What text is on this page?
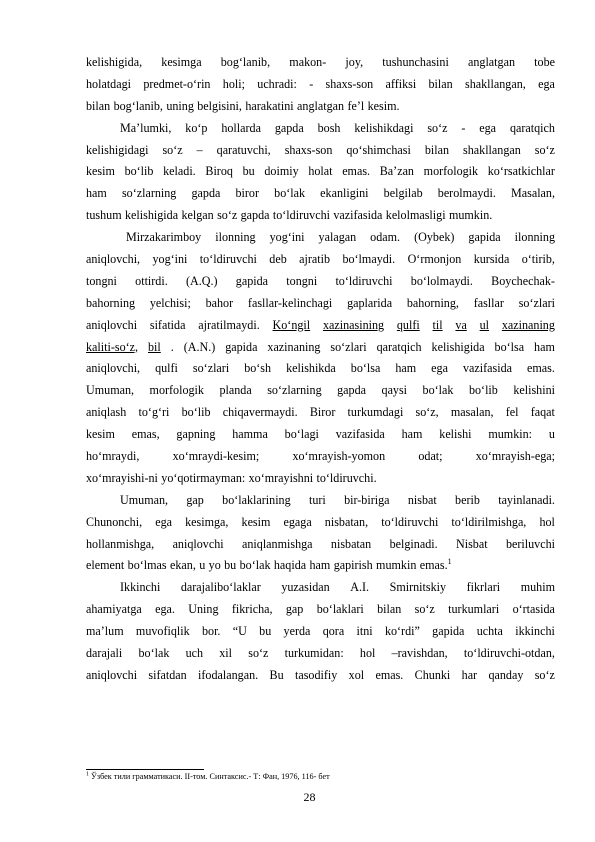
kelishigida, kesimga bog‘lanib, makon- joy, tushunchasini anglatgan tobe
holatdagi predmet-o‘rin holi; uchradi: - shaxs-son affiksi bilan shakllangan, ega
bilan bog‘lanib, uning belgisini, harakatini anglatgan fe’l kesim.
Ma’lumki, ko‘p hollarda gapda bosh kelishikdagi so‘z - ega qaratqich
kelishigidagi so‘z – qaratuvchi, shaxs-son qo‘shimchasi bilan shakllangan so‘z
kesim bo‘lib keladi. Biroq bu doimiy holat emas. Ba’zan morfologik ko‘rsatkichlar
ham so‘zlarning gapda biror bo‘lak ekanligini belgilab berolmaydi. Masalan,
tushum kelishigida kelgan so‘z gapda to‘ldiruvchi vazifasida kelolmasligi mumkin.
Mirzakarimboy ilonning yog‘ini yalagan odam. (Oybek) gapida ilonning
aniqlovchi, yog‘ini to‘ldiruvchi deb ajratib bo‘lmaydi. O‘rmonjon kursida o‘tirib,
tongni ottirdi. (A.Q.) gapida tongni to‘ldiruvchi bo‘lolmaydi. Boychechak-
bahorning yelchisi; bahor fasllar-kelinchagi gaplarida bahorning, fasllar so‘zlari
aniqlovchi sifatida ajratilmaydi. Ko‘ngil xazinasining qulfi til va ul xazinaning
kaliti-so‘z, bil . (A.N.) gapida xazinaning so‘zlari qaratqich kelishigida bo‘lsa ham
aniqlovchi, qulfi so‘zlari bo‘sh kelishikda bo‘lsa ham ega vazifasida emas.
Umuman, morfologik planda so‘zlarning gapda qaysi bo‘lak bo‘lib kelishini
aniqlash to‘g‘ri bo‘lib chiqavermaydi. Biror turkumdagi so‘z, masalan, fel faqat
kesim emas, gapning hamma bo‘lagi vazifasida ham kelishi mumkin: u
ho‘mraydi,	xo‘mraydi-kesim;	xo‘mrayish-yomon	odat;	xo‘mrayish-ega;
xo‘mrayishi-ni yo‘qotirmayman: xo‘mrayishni to‘ldiruvchi.
Umuman, gap bo‘laklarining turi bir-biriga nisbat berib tayinlanadi.
Chunonchi, ega kesimga, kesim egaga nisbatan, to‘ldiruvchi to‘ldirilmishga, hol
hollanmishga, aniqlovchi aniqlanmishga nisbatan belginadi. Nisbat beriluvchi
element bo‘lmas ekan, u yo bu bo‘lak haqida ham gapirish mumkin emas.$^1$
Ikkinchi darajalibo‘laklar yuzasidan A.I. Smirnitskiy fikrlari muhim
ahamiyatga ega. Uning fikricha, gap bo‘laklari bilan so‘z turkumlari o‘rtasida
ma’lum muvofiqlik bor. “U bu yerda qora itni ko‘rdi” gapida uchta ikkinchi
darajali bo‘lak uch xil so‘z turkumidan: hol –ravishdan, to‘ldiruvchi-otdan,
aniqlovchi sifatdan ifodalangan. Bu tasodifiy xol emas. Chunki har qanday so‘z
$^1$ Ўзбек тили грамматикаси. II-том. Синтаксис.- Т: Фан, 1976, 116- бет
28
